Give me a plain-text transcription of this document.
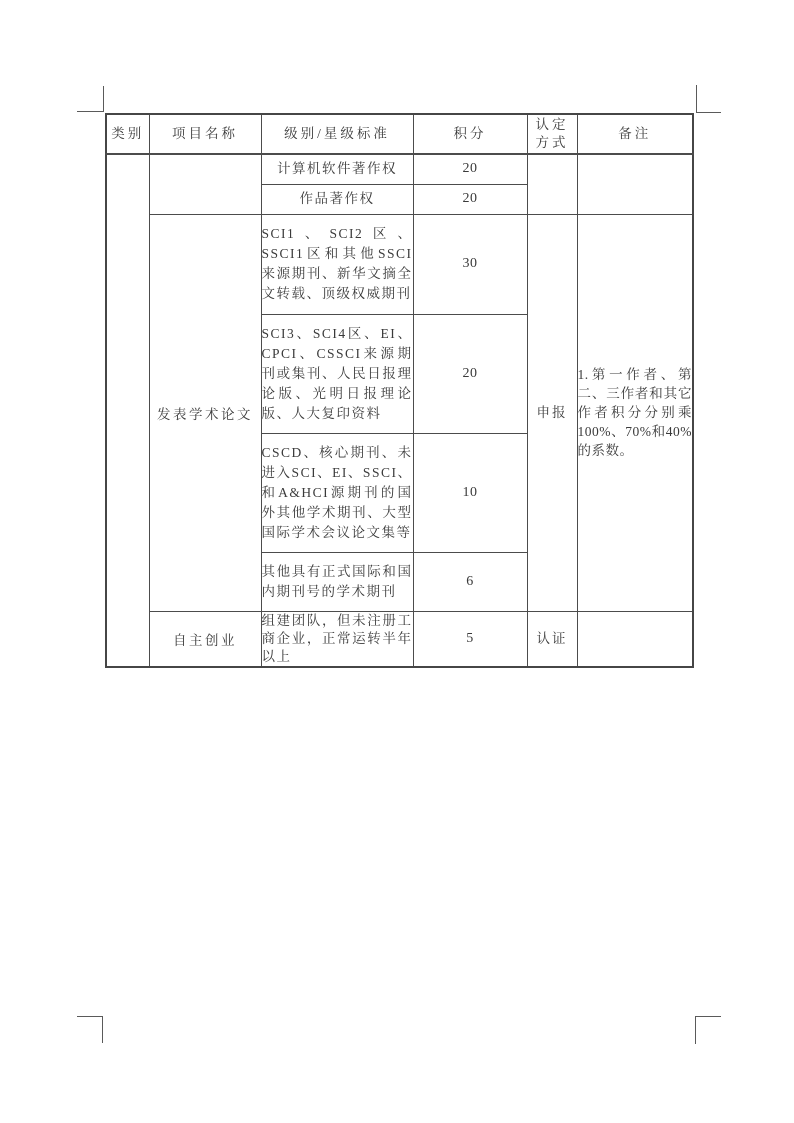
类别	项目名称	级别/星级标准	积分	认定方式	备注
		计算机软件著作权	20		
		作品著作权	20		
	发表学术论文	SCI1、SCI2区、SSCI1区和其他SSCI来源期刊、新华文摘全文转载、顶级权威期刊	30	申报	1.第一作者、第二、三作者和其它作者积分分别乘100%、70%和40%的系数。

		SCI3、SCI4区、EI、CPCI、CSSCI来源期刊或集刊、人民日报理论版、光明日报理论版、人大复印资料	20		
		CSCD、核心期刊、未进入SCI、EI、SSCI、和A&HCI源期刊的国外其他学术期刊、大型国际学术会议论文集等	10		
		其他具有正式国际和国内期刊号的学术期刊	6		
	自主创业	组建团队，但未注册工商企业，正常运转半年以上	5	认证	
